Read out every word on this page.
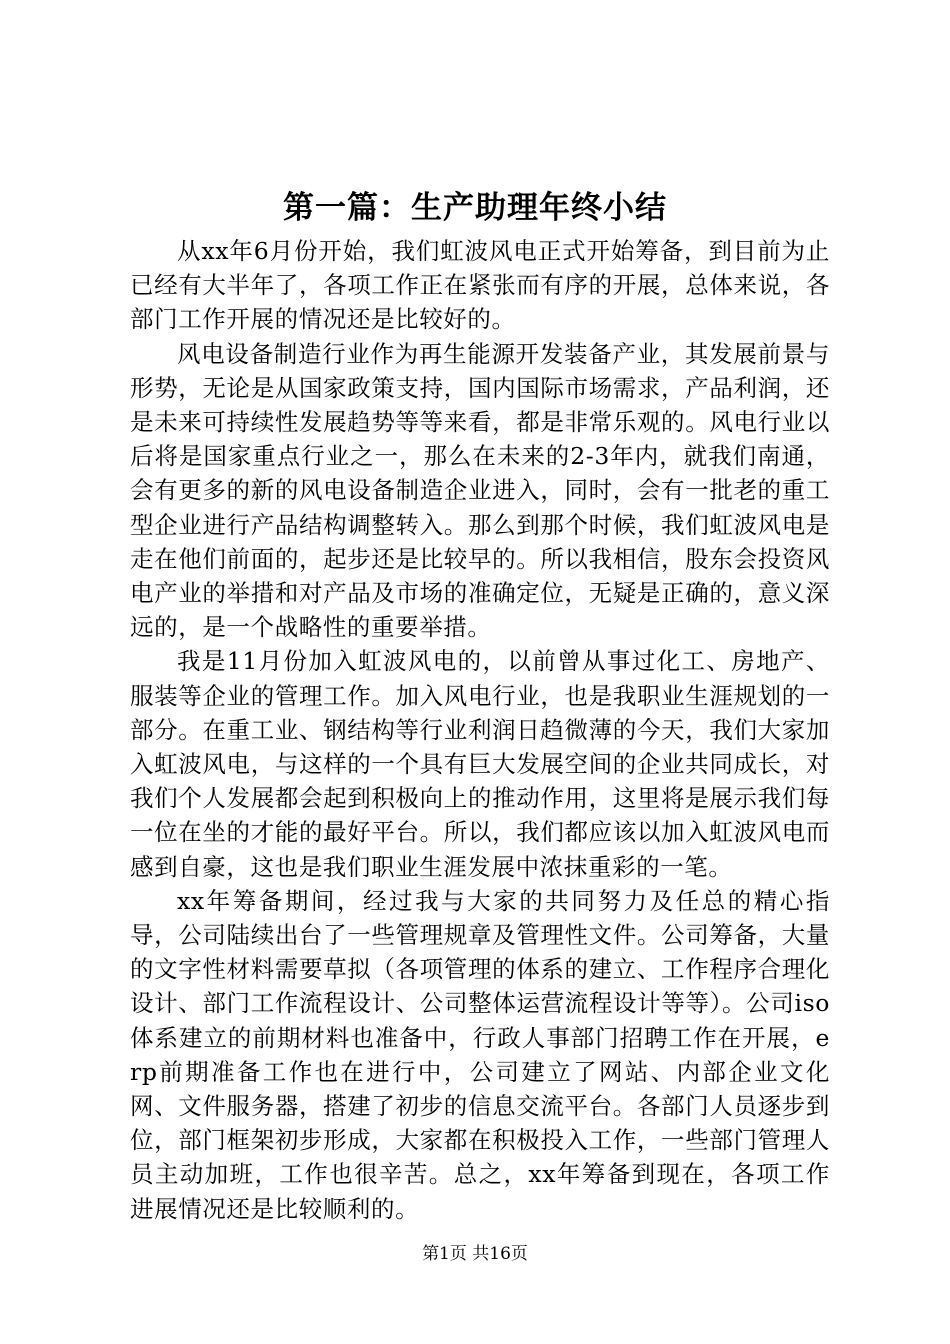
第一篇：生产助理年终小结

从xx年6月份开始，我们虹波风电正式开始筹备，到目前为止已经有大半年了，各项工作正在紧张而有序的开展，总体来说，各部门工作开展的情况还是比较好的。

风电设备制造行业作为再生能源开发装备产业，其发展前景与形势，无论是从国家政策支持，国内国际市场需求，产品利润，还是未来可持续性发展趋势等等来看，都是非常乐观的。风电行业以后将是国家重点行业之一，那么在未来的2-3年内，就我们南通，会有更多的新的风电设备制造企业进入，同时，会有一批老的重工型企业进行产品结构调整转入。那么到那个时候，我们虹波风电是走在他们前面的，起步还是比较早的。所以我相信，股东会投资风电产业的举措和对产品及市场的准确定位，无疑是正确的，意义深远的，是一个战略性的重要举措。

我是11月份加入虹波风电的，以前曾从事过化工、房地产、服装等企业的管理工作。加入风电行业，也是我职业生涯规划的一部分。在重工业、钢结构等行业利润日趋微薄的今天，我们大家加入虹波风电，与这样的一个具有巨大发展空间的企业共同成长，对我们个人发展都会起到积极向上的推动作用，这里将是展示我们每一位在坐的才能的最好平台。所以，我们都应该以加入虹波风电而感到自豪，这也是我们职业生涯发展中浓抹重彩的一笔。

xx年筹备期间，经过我与大家的共同努力及任总的精心指导，公司陆续出台了一些管理规章及管理性文件。公司筹备，大量的文字性材料需要草拟（各项管理的体系的建立、工作程序合理化设计、部门工作流程设计、公司整体运营流程设计等等）。公司iso体系建立的前期材料也准备中，行政人事部门招聘工作在开展，erp前期准备工作也在进行中，公司建立了网站、内部企业文化网、文件服务器，搭建了初步的信息交流平台。各部门人员逐步到位，部门框架初步形成，大家都在积极投入工作，一些部门管理人员主动加班，工作也很辛苦。总之，xx年筹备到现在，各项工作进展情况还是比较顺利的。

第1页 共16页
